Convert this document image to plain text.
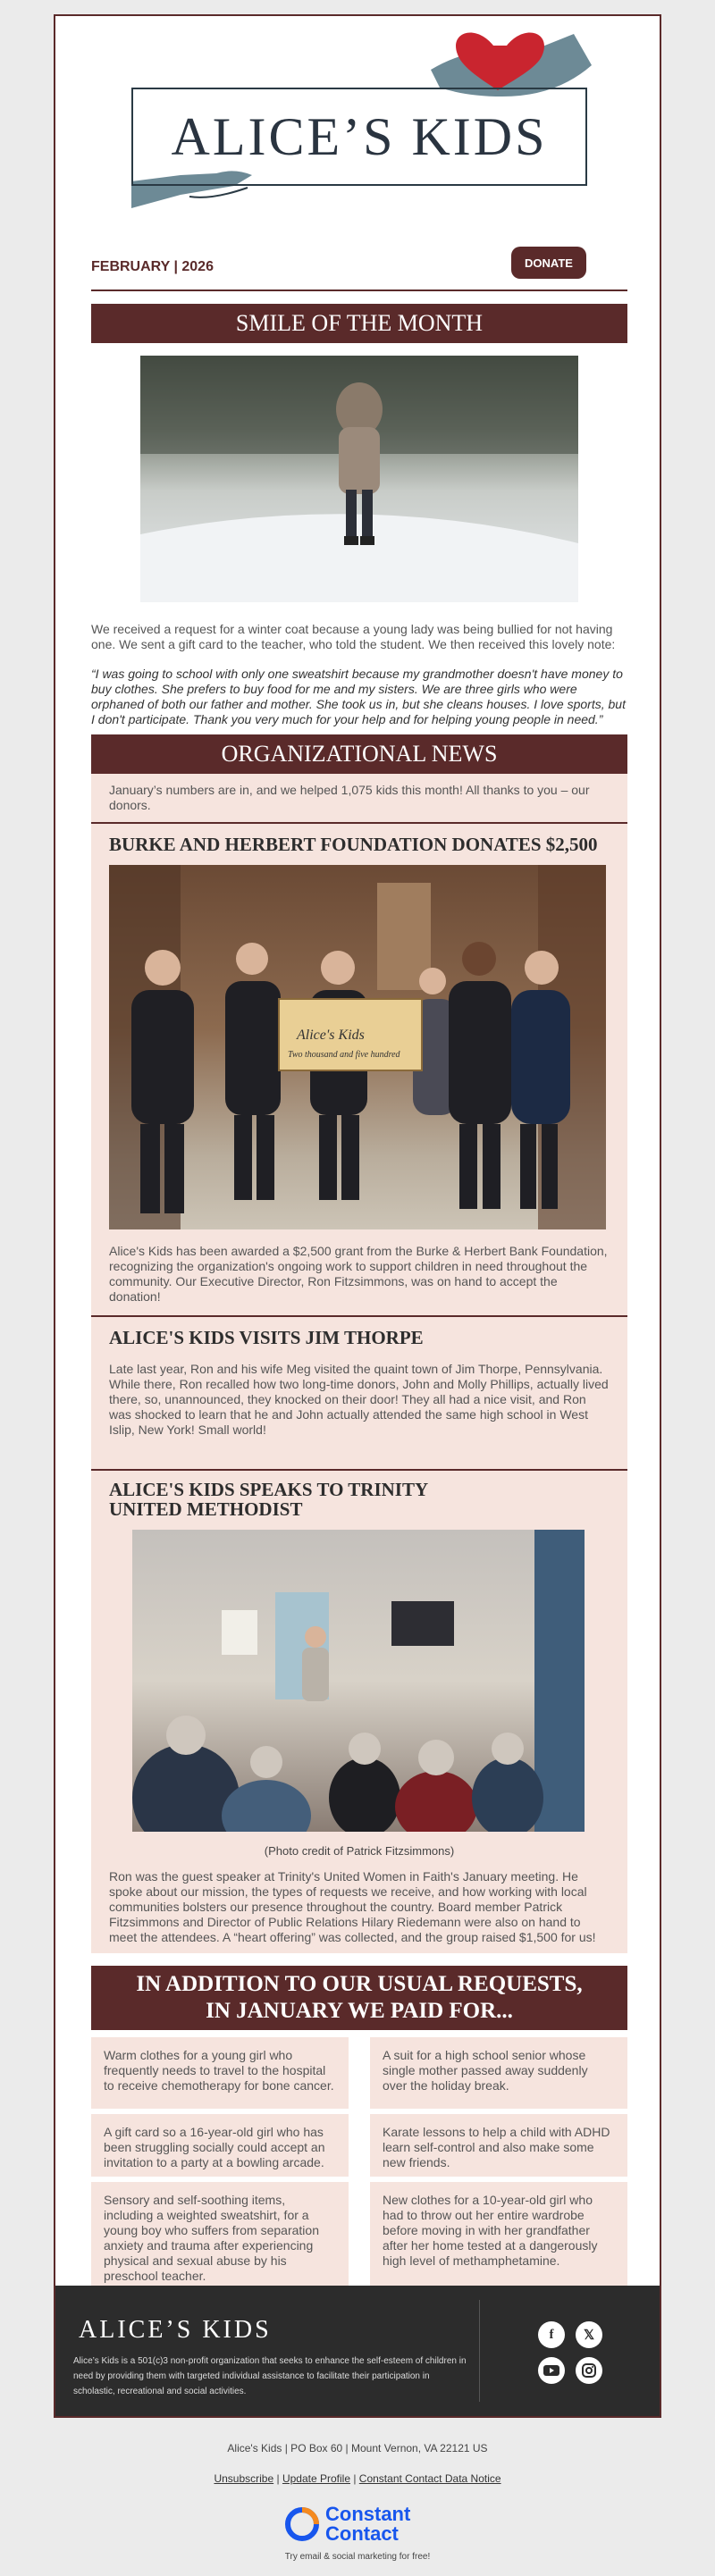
ALICE’S KIDS
FEBRUARY | 2026	DONATE
SMILE OF THE MONTH
We received a request for a winter coat because a young lady was being bullied for not having one. We sent a gift card to the teacher, who told the student. We then received this lovely note:
“I was going to school with only one sweatshirt because my grandmother doesn't have money to buy clothes. She prefers to buy food for me and my sisters. We are three girls who were orphaned of both our father and mother. She took us in, but she cleans houses. I love sports, but I don't participate. Thank you very much for your help and for helping young people in need.”
ORGANIZATIONAL NEWS
January’s numbers are in, and we helped 1,075 kids this month! All thanks to you – our donors.
BURKE AND HERBERT FOUNDATION DONATES $2,500
Alice's Kids
Two thousand and five hundred
Alice's Kids has been awarded a $2,500 grant from the Burke & Herbert Bank Foundation, recognizing the organization's ongoing work to support children in need throughout the community. Our Executive Director, Ron Fitzsimmons, was on hand to accept the donation!
ALICE'S KIDS VISITS JIM THORPE
Late last year, Ron and his wife Meg visited the quaint town of Jim Thorpe, Pennsylvania. While there, Ron recalled how two long-time donors, John and Molly Phillips, actually lived there, so, unannounced, they knocked on their door! They all had a nice visit, and Ron was shocked to learn that he and John actually attended the same high school in West Islip, New York! Small world!
ALICE'S KIDS SPEAKS TO TRINITY UNITED METHODIST
(Photo credit of Patrick Fitzsimmons)
Ron was the guest speaker at Trinity's United Women in Faith's January meeting. He spoke about our mission, the types of requests we receive, and how working with local communities bolsters our presence throughout the country. Board member Patrick Fitzsimmons and Director of Public Relations Hilary Riedemann were also on hand to meet the attendees. A “heart offering” was collected, and the group raised $1,500 for us!
IN ADDITION TO OUR USUAL REQUESTS,
IN JANUARY WE PAID FOR...
Warm clothes for a young girl who frequently needs to travel to the hospital to receive chemotherapy for bone cancer.
A suit for a high school senior whose single mother passed away suddenly over the holiday break.
A gift card so a 16-year-old girl who has been struggling socially could accept an invitation to a party at a bowling arcade.
Karate lessons to help a child with ADHD learn self-control and also make some new friends.
Sensory and self-soothing items, including a weighted sweatshirt, for a young boy who suffers from separation anxiety and trauma after experiencing physical and sexual abuse by his preschool teacher.
New clothes for a 10-year-old girl who had to throw out her entire wardrobe before moving in with her grandfather after her home tested at a dangerously high level of methamphetamine.
ALICE’S KIDS
Alice’s Kids is a 501(c)3 non-profit organization that seeks to enhance the self-esteem of children in need by providing them with targeted individual assistance to facilitate their participation in scholastic, recreational and social activities.
f	𝕏
Alice's Kids | PO Box 60 | Mount Vernon, VA 22121 US
Unsubscribe | Update Profile | Constant Contact Data Notice
Constant
Contact
Try email & social marketing for free!
